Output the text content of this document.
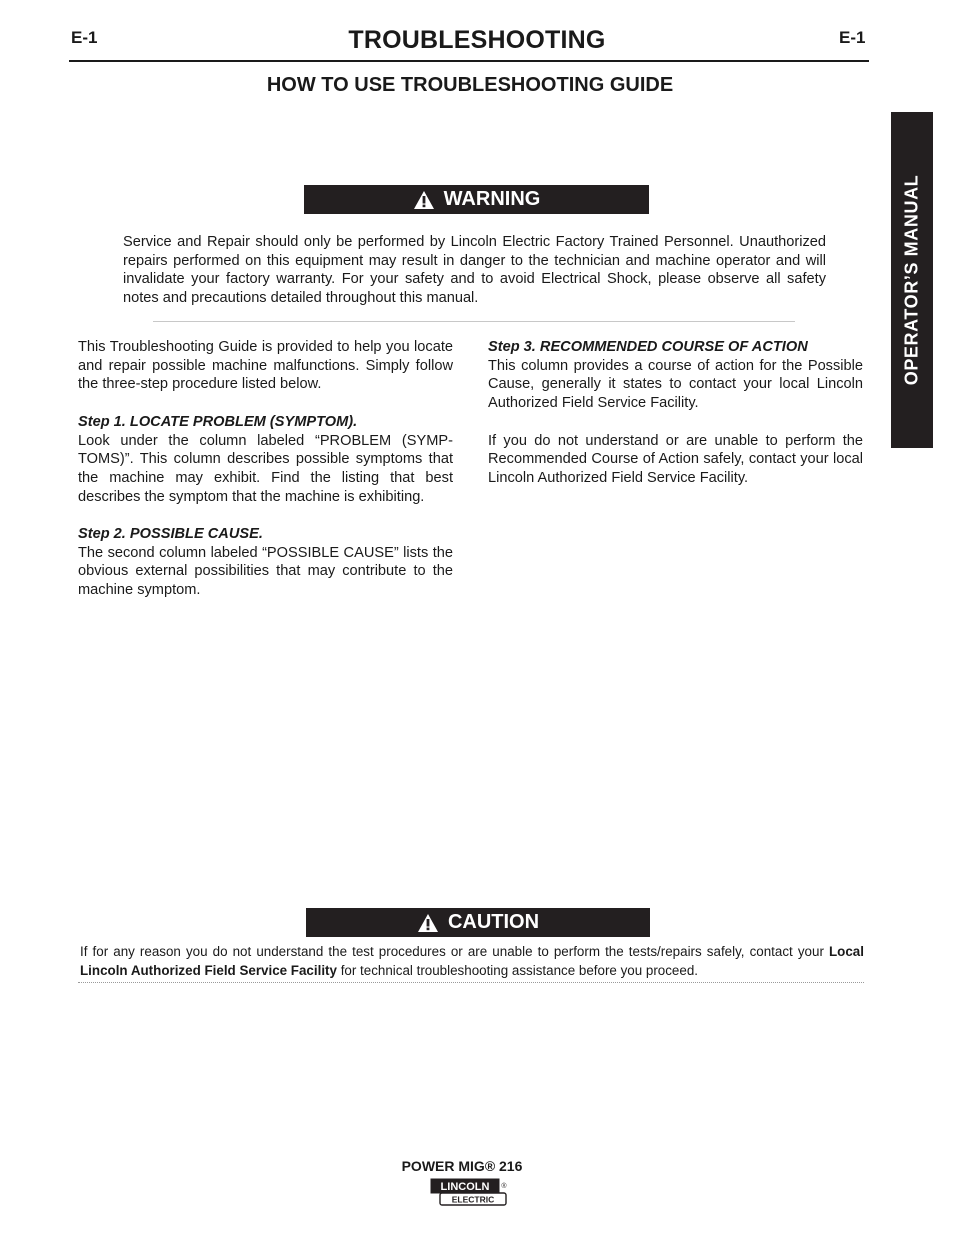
E-1	TROUBLESHOOTING	E-1
HOW TO USE TROUBLESHOOTING GUIDE
OPERATOR’S MANUAL
WARNING
Service and Repair should only be performed by Lincoln Electric Factory Trained Personnel. Unauthorized repairs performed on this equipment may result in danger to the technician and machine operator and will invalidate your factory warranty. For your safety and to avoid Electrical Shock, please observe all safety notes and precautions detailed throughout this manual.

This Troubleshooting Guide is provided to help you locate and repair possible machine malfunctions. Simply follow the three-step procedure listed below.

Step 1. LOCATE PROBLEM (SYMPTOM).
Look under the column labeled “PROBLEM (SYMP-TOMS)”. This column describes possible symptoms that the machine may exhibit. Find the listing that best describes the symptom that the machine is exhibiting.

Step 2. POSSIBLE CAUSE.
The second column labeled “POSSIBLE CAUSE” lists the obvious external possibilities that may contribute to the machine symptom.

Step 3. RECOMMENDED COURSE OF ACTION
This column provides a course of action for the Possible Cause, generally it states to contact your local Lincoln Authorized Field Service Facility.

If you do not understand or are unable to perform the Recommended Course of Action safely, contact your local Lincoln Authorized Field Service Facility.

CAUTION
If for any reason you do not understand the test procedures or are unable to perform the tests/repairs safely, contact your Local Lincoln Authorized Field Service Facility for technical troubleshooting assistance before you proceed.
POWER MIG® 216
LINCOLN
ELECTRIC
®
